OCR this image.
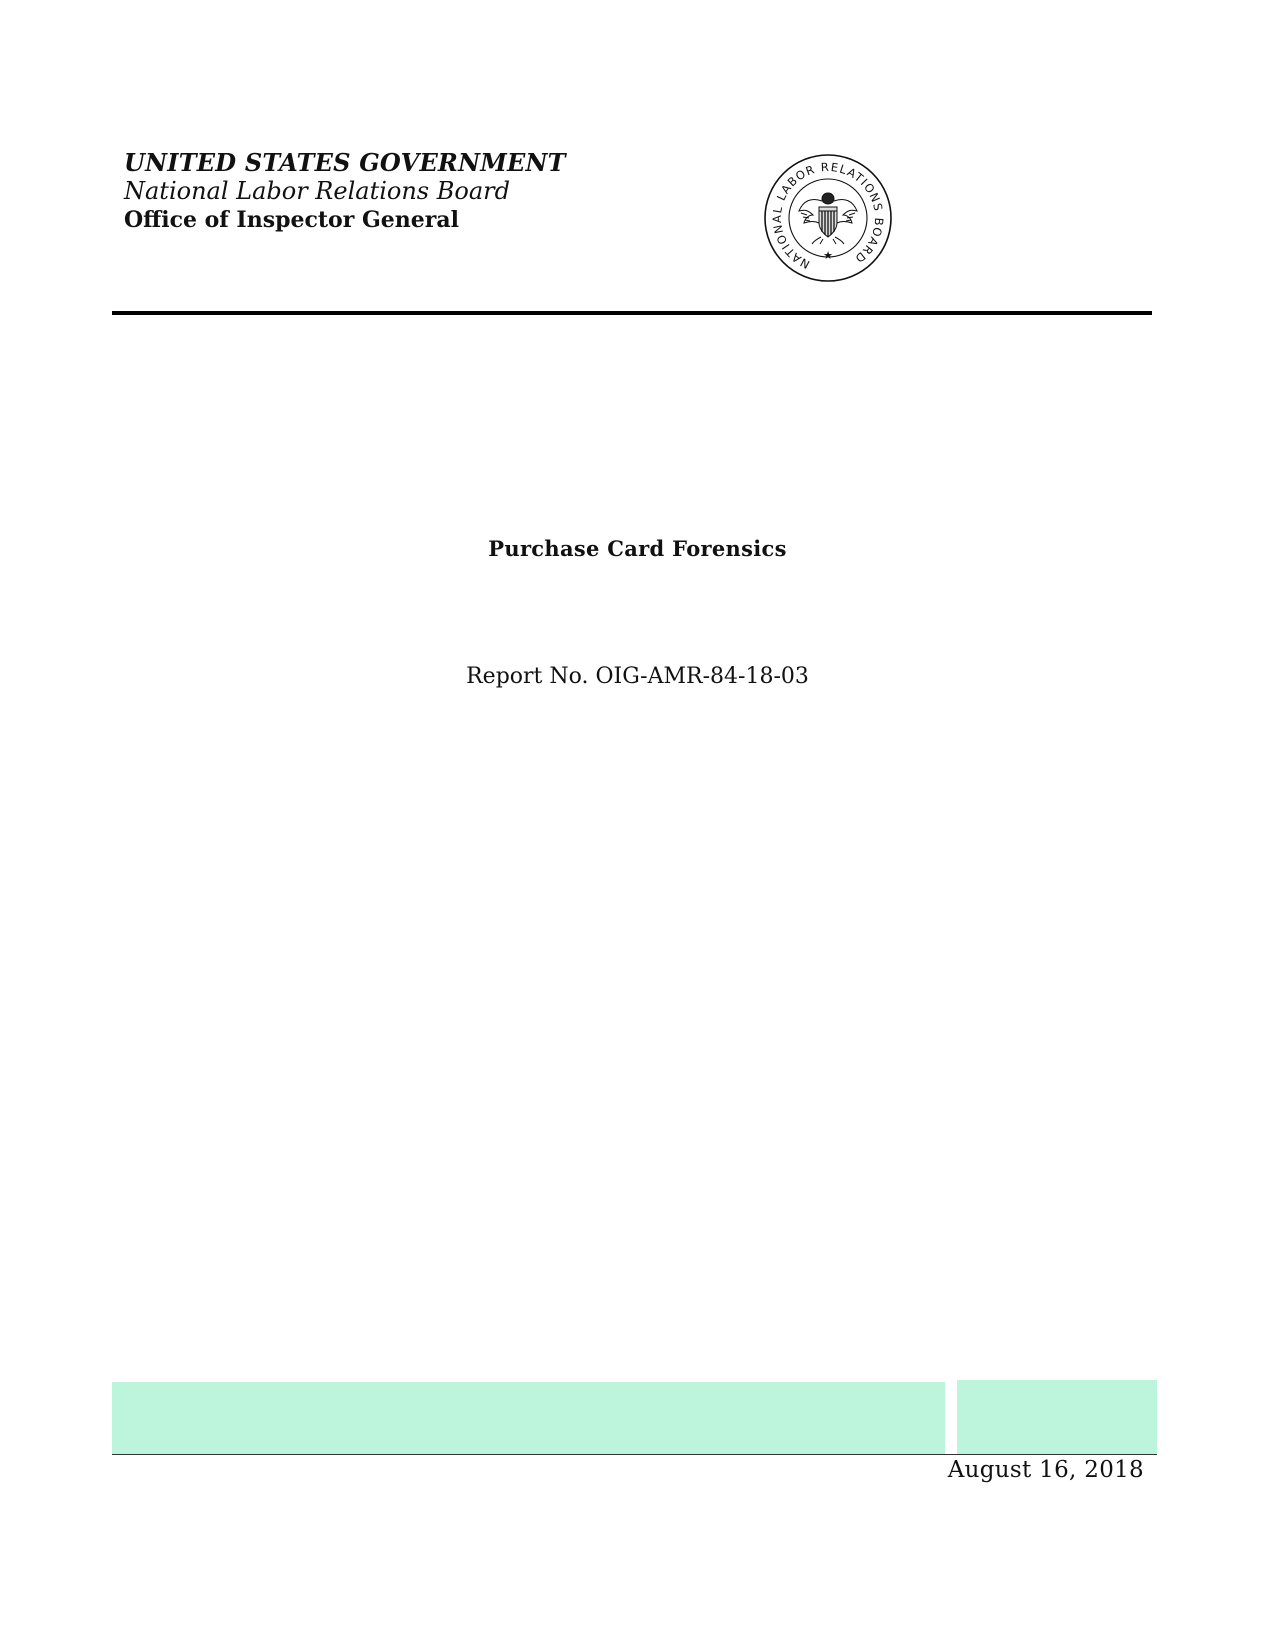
UNITED STATES GOVERNMENT
National Labor Relations Board
Office of Inspector General
NATIONAL LABOR RELATIONS BOARD
★
Purchase Card Forensics
Report No. OIG-AMR-84-18-03
August 16, 2018
